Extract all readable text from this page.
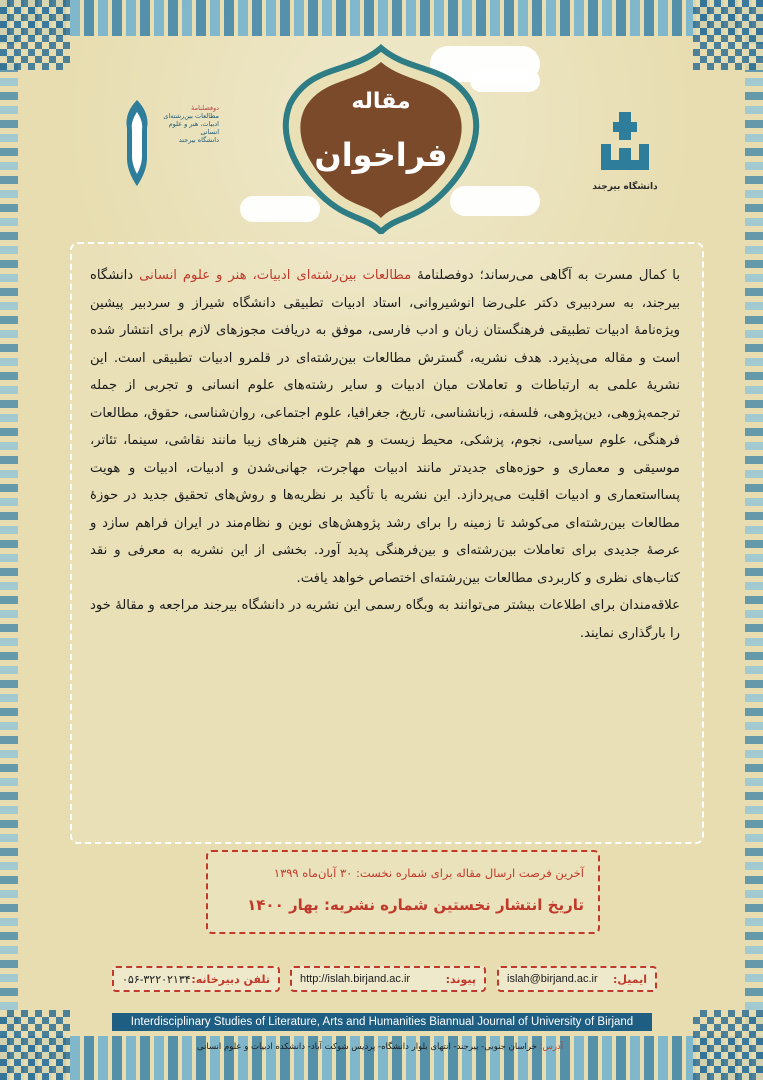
مقاله
فراخوان
دوفصلنامهٔ
مطالعات بین‌رشته‌ای
ادبیات، هنر و علوم انسانی
دانشگاه بیرجند
دانشگاه بیرجند

با کمال مسرت به آگاهی می‌رساند؛ دوفصلنامهٔ مطالعات بین‌رشته‌ای ادبیات، هنر و علوم انسانی دانشگاه بیرجند، به سردبیری دکتر علی‌رضا انوشیروانی، استاد ادبیات تطبیقی دانشگاه شیراز و سردبیر پیشین ویژه‌نامهٔ ادبیات تطبیقی فرهنگستان زبان و ادب فارسی، موفق به دریافت مجوزهای لازم برای انتشار شده است و مقاله می‌پذیرد. هدف نشریه، گسترش مطالعات بین‌رشته‌ای در قلمرو ادبیات تطبیقی است. این نشریهٔ علمی به ارتباطات و تعاملات میان ادبیات و سایر رشته‌های علوم انسانی و تجربی از جمله ترجمه‌پژوهی، دین‌پژوهی، فلسفه، زبانشناسی، تاریخ، جغرافیا، علوم اجتماعی، روان‌شناسی، حقوق، مطالعات فرهنگی، علوم سیاسی، نجوم، پزشکی، محیط زیست و هم چنین هنرهای زیبا مانند نقاشی، سینما، تئاتر، موسیقی و معماری و حوزه‌های جدیدتر مانند ادبیات مهاجرت، جهانی‌شدن و ادبیات، ادبیات و هویت پسااستعماری و ادبیات اقلیت می‌پردازد. این نشریه با تأکید بر نظریه‌ها و روش‌های تحقیق جدید در حوزهٔ مطالعات بین‌رشته‌ای می‌کوشد تا زمینه را برای رشد پژوهش‌های نوین و نظام‌مند در ایران فراهم سازد و عرصهٔ جدیدی برای تعاملات بین‌رشته‌ای و بین‌فرهنگی پدید آورد. بخشی از این نشریه به معرفی و نقد کتاب‌های نظری و کاربردی مطالعات بین‌رشته‌ای اختصاص خواهد یافت.

علاقه‌مندان برای اطلاعات بیشتر می‌توانند به وبگاه رسمی این نشریه در دانشگاه بیرجند مراجعه و مقالهٔ خود را بارگذاری نمایند.

آخرین فرصت ارسال مقاله برای شماره نخست: ۳۰ آبان‌ماه ۱۳۹۹
تاریخ انتشار نخستین شماره نشریه: بهار ۱۴۰۰
ایمیل:
islah@birjand.ac.ir
پیوند:
http://islah.birjand.ac.ir
تلفن دبیرخانه:
۰۵۶-۳۲۲۰۲۱۳۴
Interdisciplinary Studies of Literature, Arts and Humanities Biannual Journal of University of Birjand
آدرس: خراسان جنوبی- بیرجند- انتهای بلوار دانشگاه- پردیس شوکت آباد- دانشکده ادبیات و علوم انسانی
